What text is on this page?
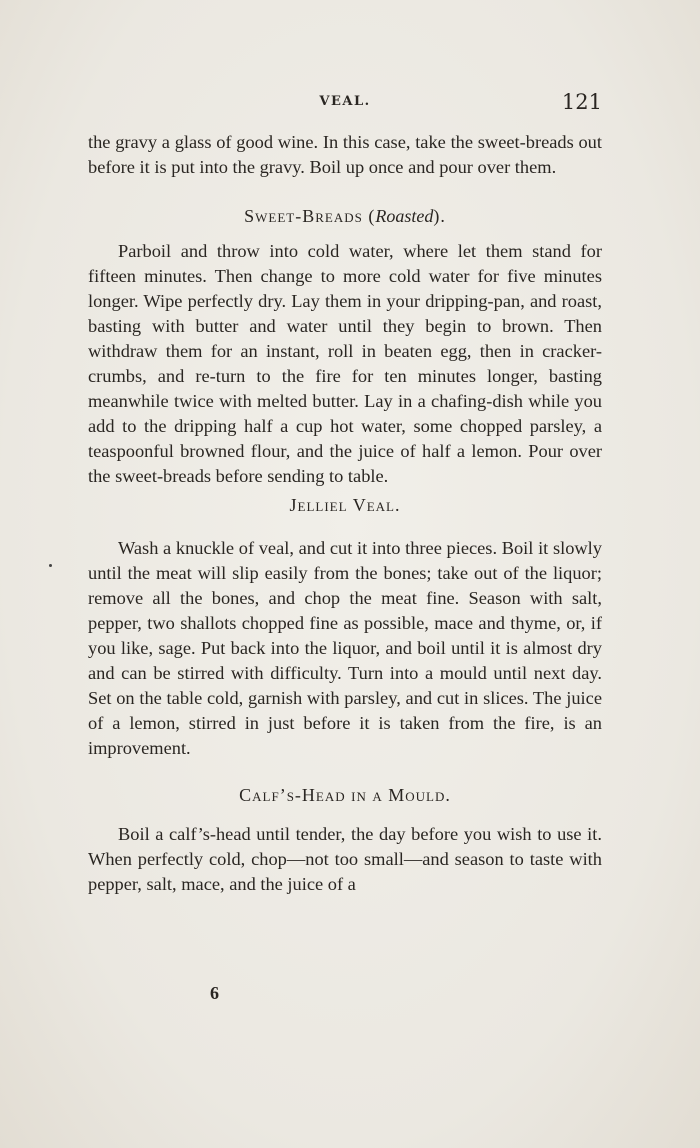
VEAL.	121

the gravy a glass of good wine. In this case, take the sweet-breads out before it is put into the gravy. Boil up once and pour over them.

Sweet-Breads (Roasted).

Parboil and throw into cold water, where let them stand for fifteen minutes. Then change to more cold water for five minutes longer. Wipe perfectly dry. Lay them in your dripping-pan, and roast, basting with butter and water until they begin to brown. Then withdraw them for an instant, roll in beaten egg, then in cracker-crumbs, and re-turn to the fire for ten minutes longer, basting meanwhile twice with melted butter. Lay in a chafing-dish while you add to the dripping half a cup hot water, some chopped parsley, a teaspoonful browned flour, and the juice of half a lemon. Pour over the sweet-breads before sending to table.

Jelliel Veal.

Wash a knuckle of veal, and cut it into three pieces. Boil it slowly until the meat will slip easily from the bones; take out of the liquor; remove all the bones, and chop the meat fine. Season with salt, pepper, two shallots chopped fine as possible, mace and thyme, or, if you like, sage. Put back into the liquor, and boil until it is almost dry and can be stirred with difficulty. Turn into a mould until next day. Set on the table cold, garnish with parsley, and cut in slices. The juice of a lemon, stirred in just before it is taken from the fire, is an improvement.

Calf’s-Head in a Mould.

Boil a calf’s-head until tender, the day before you wish to use it. When perfectly cold, chop—not too small—and season to taste with pepper, salt, mace, and the juice of a

6
